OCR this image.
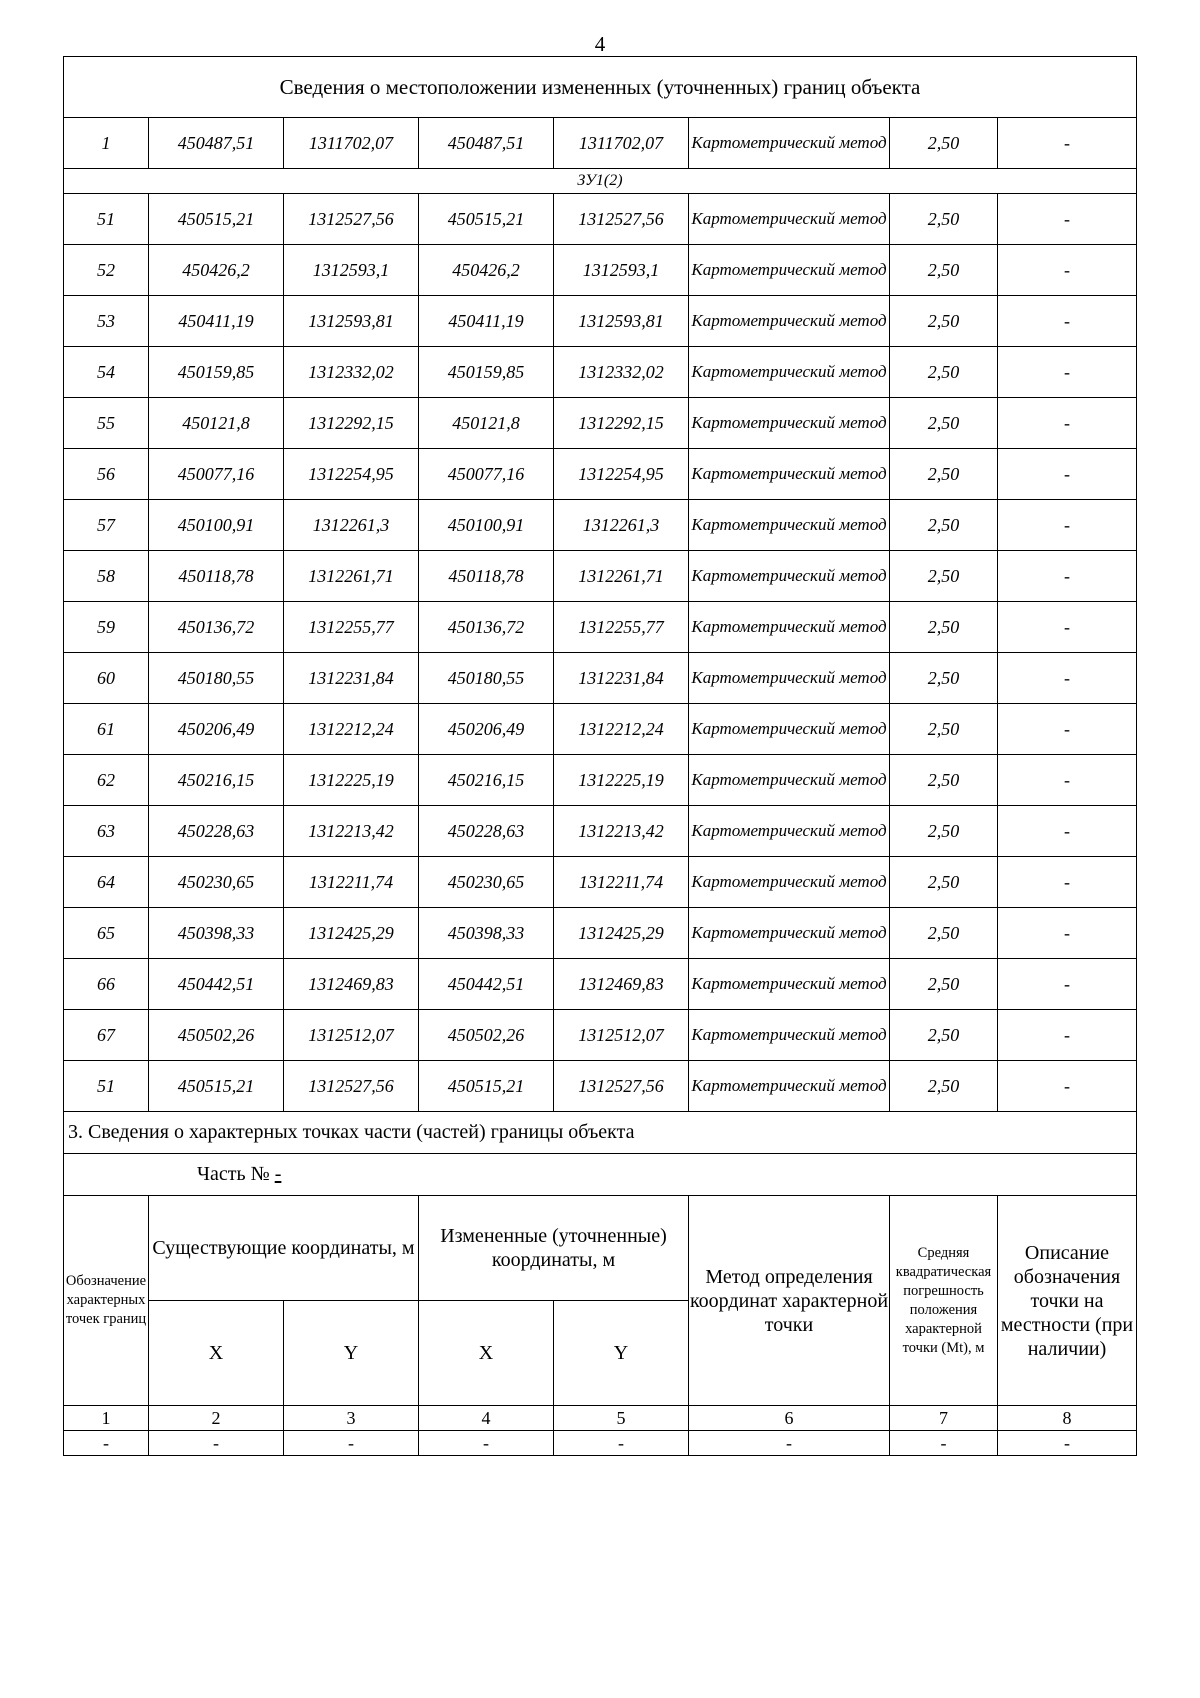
4
Сведения о местоположении измененных (уточненных) границ объекта							
1	450487,51	1311702,07	450487,51	1311702,07	Картометрический метод	2,50	-
ЗУ1(2)							
51	450515,21	1312527,56	450515,21	1312527,56	Картометрический метод	2,50	-
52	450426,2	1312593,1	450426,2	1312593,1	Картометрический метод	2,50	-
53	450411,19	1312593,81	450411,19	1312593,81	Картометрический метод	2,50	-
54	450159,85	1312332,02	450159,85	1312332,02	Картометрический метод	2,50	-
55	450121,8	1312292,15	450121,8	1312292,15	Картометрический метод	2,50	-
56	450077,16	1312254,95	450077,16	1312254,95	Картометрический метод	2,50	-
57	450100,91	1312261,3	450100,91	1312261,3	Картометрический метод	2,50	-
58	450118,78	1312261,71	450118,78	1312261,71	Картометрический метод	2,50	-
59	450136,72	1312255,77	450136,72	1312255,77	Картометрический метод	2,50	-
60	450180,55	1312231,84	450180,55	1312231,84	Картометрический метод	2,50	-
61	450206,49	1312212,24	450206,49	1312212,24	Картометрический метод	2,50	-
62	450216,15	1312225,19	450216,15	1312225,19	Картометрический метод	2,50	-
63	450228,63	1312213,42	450228,63	1312213,42	Картометрический метод	2,50	-
64	450230,65	1312211,74	450230,65	1312211,74	Картометрический метод	2,50	-
65	450398,33	1312425,29	450398,33	1312425,29	Картометрический метод	2,50	-
66	450442,51	1312469,83	450442,51	1312469,83	Картометрический метод	2,50	-
67	450502,26	1312512,07	450502,26	1312512,07	Картометрический метод	2,50	-
51	450515,21	1312527,56	450515,21	1312527,56	Картометрический метод	2,50	-
3. Сведения о характерных точках части (частей) границы объекта							
Часть № -							
Обозначение характерных точек границ	Существующие координаты, м		Измененные (уточненные) координаты, м		Метод определения координат характерной точки	Средняя квадратическая погрешность положения характерной точки (Mt), м	Описание обозначения точки на местности (при наличии)
	X	Y	X	Y			
1	2	3	4	5	6	7	8
-	-	-	-	-	-	-	-
